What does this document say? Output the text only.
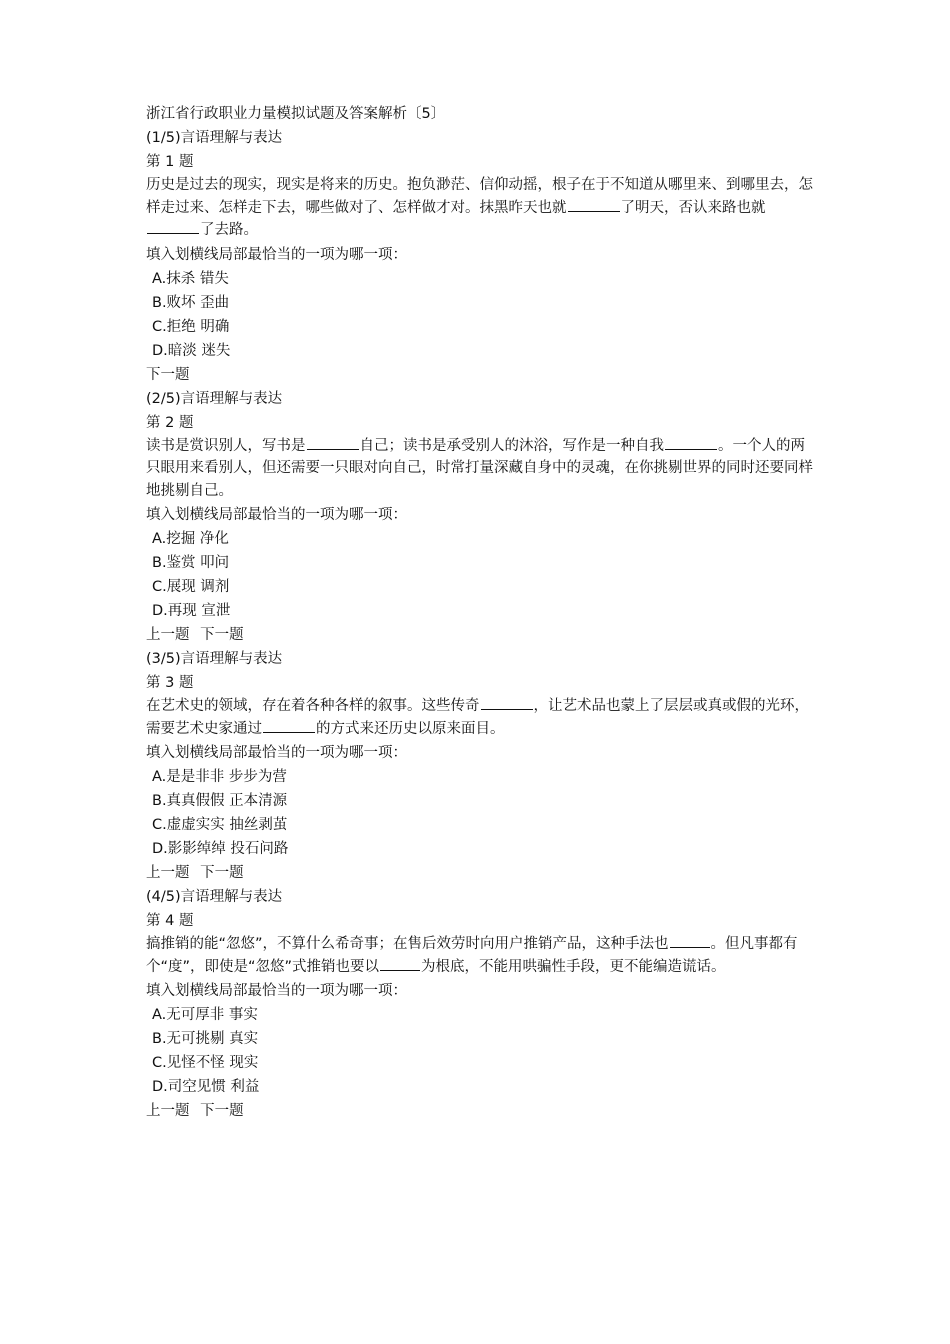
浙江省行政职业力量模拟试题及答案解析〔5〕
(1/5)言语理解与表达
第 1 题
历史是过去的现实，现实是将来的历史。抱负渺茫、信仰动摇，根子在于不知道从哪里来、到哪里去，怎样走过来、怎样走下去，哪些做对了、怎样做才对。抹黑昨天也就	了明天，否认来路也就了去路。
填入划横线局部最恰当的一项为哪一项：
A.抹杀 错失
B.败坏 歪曲
C.拒绝 明确
D.暗淡 迷失
下一题
(2/5)言语理解与表达
第 2 题
读书是赏识别人，写书是	自己；读书是承受别人的沐浴，写作是一种自我	。一个人的两只眼用来看别人，但还需要一只眼对向自己，时常打量深藏自身中的灵魂，在你挑剔世界的同时还要同样地挑剔自己。
填入划横线局部最恰当的一项为哪一项：
A.挖掘 净化
B.鉴赏 叩问
C.展现 调剂
D.再现 宣泄
上一题 下一题
(3/5)言语理解与表达
第 3 题
在艺术史的领域，存在着各种各样的叙事。这些传奇	，让艺术品也蒙上了层层或真或假的光环，需要艺术史家通过	的方式来还历史以原来面目。
填入划横线局部最恰当的一项为哪一项：
A.是是非非 步步为营
B.真真假假 正本清源
C.虚虚实实 抽丝剥茧
D.影影绰绰 投石问路
上一题 下一题
(4/5)言语理解与表达
第 4 题
搞推销的能“忽悠”，不算什么希奇事；在售后效劳时向用户推销产品，这种手法也	。但凡事都有个“度”，即使是“忽悠”式推销也要以	为根底，不能用哄骗性手段，更不能编造谎话。
填入划横线局部最恰当的一项为哪一项：
A.无可厚非 事实
B.无可挑剔 真实
C.见怪不怪 现实
D.司空见惯 利益
上一题 下一题
